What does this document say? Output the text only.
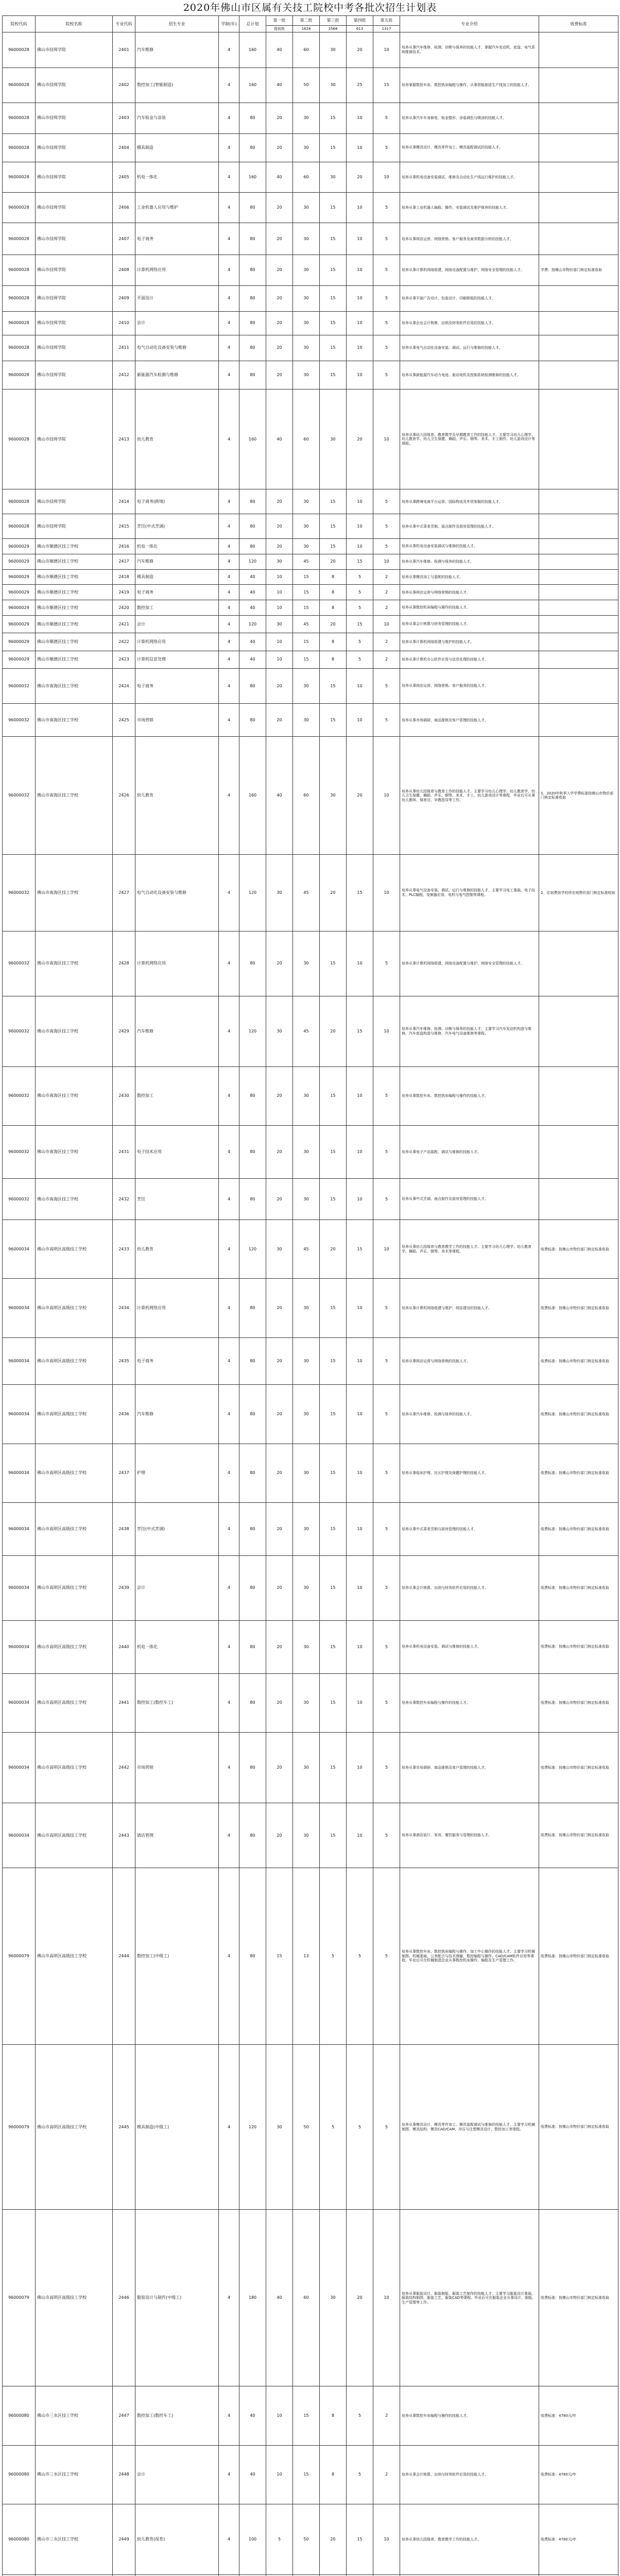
2020年佛山市区属有关技工院校中考各批次招生计划表
院校代码	院校名称	专业代码	招生专业	学制(年)	总计划	第一批	第二批	第三批	第四批	第五批	专业介绍	收费标准
						提前批	1628	2568	613	1317		
96000028	佛山市技师学院	2401	汽车维修	4	160	40	60	30	20	10	培养从事汽车维修、检测、诊断与保养的技能人才，掌握汽车发动机、底盘、电气系统维修技术。	
96000028	佛山市技师学院	2402	数控加工(智能制造)	4	160	40	50	30	25	15	培养掌握数控车床、数控铣床编程与操作，从事智能制造生产线加工的技能人才。	
96000028	佛山市技师学院	2403	汽车钣金与涂装	4	80	20	30	15	10	5	培养从事汽车车身修复、钣金整形、涂装调色与喷涂的技能人才。	
96000028	佛山市技师学院	2404	模具制造	4	80	20	30	15	10	5	培养从事模具设计、模具零件加工、模具装配调试的技能人才。	
96000028	佛山市技师学院	2405	机电一体化	4	160	40	60	30	20	10	培养从事机电设备安装调试、维修及自动化生产线运行维护的技能人才。	
96000028	佛山市技师学院	2406	工业机器人应用与维护	4	80	20	30	15	10	5	培养从事工业机器人编程、操作、安装调试及维护保养的技能人才。	
96000028	佛山市技师学院	2407	电子商务	4	80	20	30	15	10	5	培养从事网店运营、网络营销、客户服务及商务数据分析的技能人才。	
96000028	佛山市技师学院	2408	计算机网络应用	4	80	20	30	15	10	5	培养从事计算机网络组建、网络设备配置与维护、网络安全管理的技能人才。	学费：按佛山市物价部门核定标准收取
96000028	佛山市技师学院	2409	平面设计	4	80	20	30	15	10	5	培养从事平面广告设计、包装设计、印刷排版的技能人才。	
96000028	佛山市技师学院	2410	会计	4	80	20	30	15	10	5	培养从事企业会计核算、出纳及财务软件应用的技能人才。	
96000028	佛山市技师学院	2411	电气自动化设备安装与维修	4	80	20	30	15	10	5	培养从事电气自动化设备安装、调试、运行与维修的技能人才。	
96000028	佛山市技师学院	2412	新能源汽车检测与维修	4	80	20	30	15	10	5	培养从事新能源汽车动力电池、驱动电机及控制系统检测维修的技能人才。	
96000028	佛山市技师学院	2413	幼儿教育	4	160	40	60	30	20	10	培养从事幼儿园保育、教育教学及早期教育工作的技能人才。主要学习幼儿心理学、幼儿教育学、幼儿卫生保健、舞蹈、声乐、钢琴、美术、手工制作、幼儿游戏设计等课程。	
96000028	佛山市技师学院	2414	电子商务(跨境)	4	80	20	30	15	10	5	培养从事跨境电商平台运营、国际物流及外贸客服的技能人才。	
96000028	佛山市技师学院	2415	烹饪(中式烹调)	4	80	20	30	15	10	5	培养从事中式菜肴烹制、面点制作及厨房管理的技能人才。	
96000029	佛山市顺德区技工学校	2416	机电一体化	4	80	20	30	15	10	5	培养从事机电设备安装调试与维修的技能人才。	
96000029	佛山市顺德区技工学校	2417	汽车维修	4	120	30	45	20	15	10	培养从事汽车维修、检测与保养的技能人才。	
96000029	佛山市顺德区技工学校	2418	模具制造	4	40	10	15	8	5	2	培养从事模具加工与装配的技能人才。	
96000029	佛山市顺德区技工学校	2419	电子商务	4	40	10	15	8	5	2	培养从事网店运营与网络营销的技能人才。	
96000029	佛山市顺德区技工学校	2420	数控加工	4	40	10	15	8	5	2	培养从事数控机床编程与操作的技能人才。	
96000029	佛山市顺德区技工学校	2421	会计	4	120	30	45	20	15	10	培养从事会计核算与财务管理的技能人才。	
96000029	佛山市顺德区技工学校	2422	计算机网络应用	4	40	10	15	8	5	2	培养从事计算机网络组建与维护的技能人才。	
96000029	佛山市顺德区技工学校	2423	计算机信息处理	4	40	10	15	8	5	2	培养从事计算机办公软件应用与信息处理的技能人才。	
96000032	佛山市南海区技工学校	2424	电子商务	4	80	20	30	15	10	5	培养从事网店运营、网络营销、客户服务的技能人才。	
96000032	佛山市南海区技工学校	2425	市场营销	4	80	20	30	15	10	5	培养从事市场调研、商品推销及客户管理的技能人才。	
96000032	佛山市南海区技工学校	2426	幼儿教育	4	160	40	60	30	20	10	培养从事幼儿园保育与教育工作的技能人才。主要学习幼儿心理学、幼儿教育学、幼儿卫生保健、舞蹈、声乐、钢琴、美术、手工、幼儿游戏设计等课程，毕业后可从事幼儿教师、保育员、早教指导等工作。	1、2020年秋季入学学费标准按佛山市物价部门核定标准收取
96000032	佛山市南海区技工学校	2427	电气自动化设备安装与维修	4	120	30	45	20	15	10	培养从事电气设备安装、调试、运行与维修的技能人才，主要学习电工基础、电子技术、PLC编程、变频器应用、电机与电气控制等课程。	2、住宿费按学校所在地物价部门核定标准收取
96000032	佛山市南海区技工学校	2428	计算机网络应用	4	80	20	30	15	10	5	培养从事计算机网络组建、网络设备配置与维护、网络安全管理的技能人才。	
96000032	佛山市南海区技工学校	2429	汽车维修	4	120	30	45	20	15	10	培养从事汽车维修、检测、诊断与保养的技能人才，主要学习汽车发动机构造与维修、汽车底盘构造与维修、汽车电气设备维修等课程。	
96000032	佛山市南海区技工学校	2430	数控加工	4	80	20	30	15	10	5	培养从事数控车床、数控铣床编程与操作的技能人才。	
96000032	佛山市南海区技工学校	2431	电子技术应用	4	80	20	30	15	10	5	培养从事电子产品装配、调试与维修的技能人才。	
96000032	佛山市南海区技工学校	2432	烹饪	4	80	20	30	15	10	5	培养从事中式烹调、面点制作及厨房管理的技能人才。	
96000034	佛山市高明区高级技工学校	2433	幼儿教育	4	120	30	45	20	15	10	培养从事幼儿园保育与教育教学工作的技能人才。主要学习幼儿心理学、幼儿教育学、舞蹈、声乐、钢琴、美术等课程。	收费标准：按佛山市物价部门核定标准收取
96000034	佛山市高明区高级技工学校	2434	计算机网络应用	4	80	20	30	15	10	5	培养从事计算机网络组建与维护、网站建设的技能人才。	收费标准：按佛山市物价部门核定标准收取
96000034	佛山市高明区高级技工学校	2435	电子商务	4	80	20	30	15	10	5	培养从事网店运营与网络营销的技能人才。	收费标准：按佛山市物价部门核定标准收取
96000034	佛山市高明区高级技工学校	2436	汽车维修	4	80	20	30	15	10	5	培养从事汽车维修、检测与保养的技能人才。	收费标准：按佛山市物价部门核定标准收取
96000034	佛山市高明区高级技工学校	2437	护理	4	80	20	30	15	10	5	培养从事临床护理、社区护理及保健护理的技能人才。	收费标准：按佛山市物价部门核定标准收取
96000034	佛山市高明区高级技工学校	2438	烹饪(中式烹调)	4	80	20	30	15	10	5	培养从事中式菜肴烹制与厨房管理的技能人才。	收费标准：按佛山市物价部门核定标准收取
96000034	佛山市高明区高级技工学校	2439	会计	4	80	20	30	15	10	5	培养从事会计核算、出纳与财务软件应用的技能人才。	收费标准：按佛山市物价部门核定标准收取
96000034	佛山市高明区高级技工学校	2440	机电一体化	4	80	20	30	15	10	5	培养从事机电设备安装、调试与维修的技能人才。	收费标准：按佛山市物价部门核定标准收取
96000034	佛山市高明区高级技工学校	2441	数控加工(数控车工)	4	80	20	30	15	10	5	培养从事数控车床编程与操作的技能人才。	收费标准：按佛山市物价部门核定标准收取
96000034	佛山市高明区高级技工学校	2442	市场营销	4	80	20	30	15	10	5	培养从事市场调研、商品推销及客户管理的技能人才。	收费标准：按佛山市物价部门核定标准收取
96000034	佛山市高明区高级技工学校	2443	酒店管理	4	80	20	30	15	10	5	培养从事酒店前厅、客房、餐饮服务与管理的技能人才。	收费标准：按佛山市物价部门核定标准收取
96000079	佛山市高明区高级技工学校	2444	数控加工(中级工)	4	80	15	13	5	5	5	培养从事数控车床、数控铣床编程与操作、加工中心操作的技能人才。主要学习机械制图、机械基础、公差配合与技术测量、数控编程与操作、CAD/CAM软件应用等课程。毕业后可在机械制造企业从事数控机床操作、编程及生产管理工作。	收费标准：按佛山市物价部门核定标准收取
96000079	佛山市高明区高级技工学校	2445	模具制造(中级工)	4	120	30	50	5	5	5	培养从事模具设计、模具零件加工、模具装配调试与维修的技能人才。主要学习机械制图、模具结构、模具CAD/CAM、冲压与注塑模具设计、数控加工等课程。	收费标准：按佛山市物价部门核定标准收取
96000079	佛山市高明区高级技工学校	2446	服装设计与制作(中级工)	4	180	40	60	30	20	10	培养从事服装设计、服装制版、服装工艺制作的技能人才。主要学习服装设计基础、服装结构制图、服装工艺、服装CAD等课程。毕业后可在服装企业从事设计、制版、生产管理等工作。	收费标准：按佛山市物价部门核定标准收取
96000080	佛山市三水区技工学校	2447	数控加工(数控车工)	4	40	10	15	8	5	2	培养从事数控车床编程与操作的技能人才。	收费标准：4780元/年
96000080	佛山市三水区技工学校	2448	会计	4	40	10	15	8	5	2	培养从事会计核算、出纳与财务软件应用的技能人才。	收费标准：4780元/年
96000080	佛山市三水区技工学校	2449	幼儿教育(保育)	4	100	5	50	20	15	10	培养从事幼儿园保育、教育教学工作的技能人才。	收费标准：4780元/年
